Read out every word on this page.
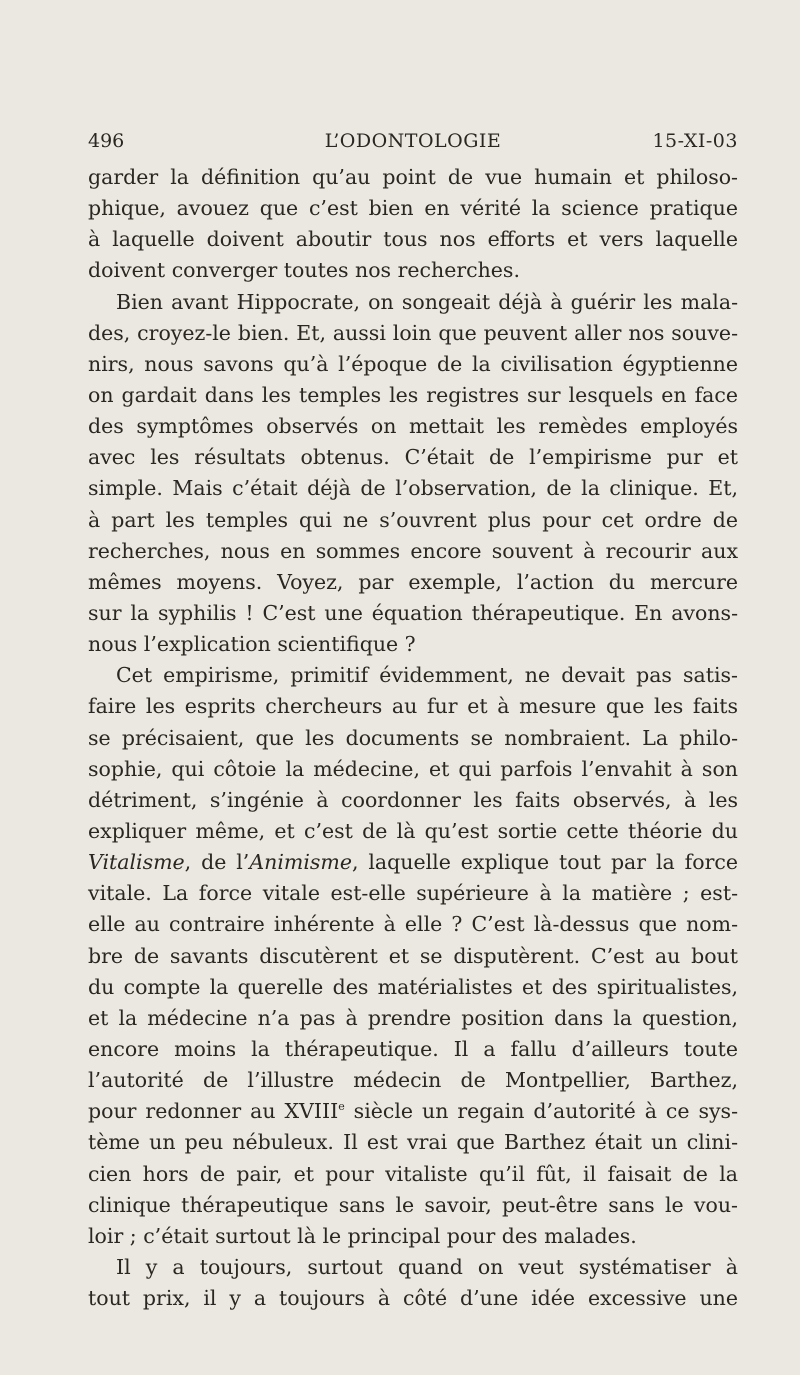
L’ODONTOLOGIE
496	15-XI-03
garder la définition qu’au point de vue humain et philoso-
phique, avouez que c’est bien en vérité la science pratique
à laquelle doivent aboutir tous nos efforts et vers laquelle
doivent converger toutes nos recherches.
Bien avant Hippocrate, on songeait déjà à guérir les mala-
des, croyez-le bien. Et, aussi loin que peuvent aller nos souve-
nirs, nous savons qu’à l’époque de la civilisation égyptienne
on gardait dans les temples les registres sur lesquels en face
des symptômes observés on mettait les remèdes employés
avec les résultats obtenus. C’était de l’empirisme pur et
simple. Mais c’était déjà de l’observation, de la clinique. Et,
à part les temples qui ne s’ouvrent plus pour cet ordre de
recherches, nous en sommes encore souvent à recourir aux
mêmes moyens. Voyez, par exemple, l’action du mercure
sur la syphilis ! C’est une équation thérapeutique. En avons-
nous l’explication scientifique ?
Cet empirisme, primitif évidemment, ne devait pas satis-
faire les esprits chercheurs au fur et à mesure que les faits
se précisaient, que les documents se nombraient. La philo-
sophie, qui côtoie la médecine, et qui parfois l’envahit à son
détriment, s’ingénie à coordonner les faits observés, à les
expliquer même, et c’est de là qu’est sortie cette théorie du
Vitalisme, de l’Animisme, laquelle explique tout par la force
vitale. La force vitale est-elle supérieure à la matière ; est-
elle au contraire inhérente à elle ? C’est là-dessus que nom-
bre de savants discutèrent et se disputèrent. C’est au bout
du compte la querelle des matérialistes et des spiritualistes,
et la médecine n’a pas à prendre position dans la question,
encore moins la thérapeutique. Il a fallu d’ailleurs toute
l’autorité de l’illustre médecin de Montpellier, Barthez,
pour redonner au XVIIIe siècle un regain d’autorité à ce sys-
tème un peu nébuleux. Il est vrai que Barthez était un clini-
cien hors de pair, et pour vitaliste qu’il fût, il faisait de la
clinique thérapeutique sans le savoir, peut-être sans le vou-
loir ; c’était surtout là le principal pour des malades.
Il y a toujours, surtout quand on veut systématiser à
tout prix, il y a toujours à côté d’une idée excessive une
